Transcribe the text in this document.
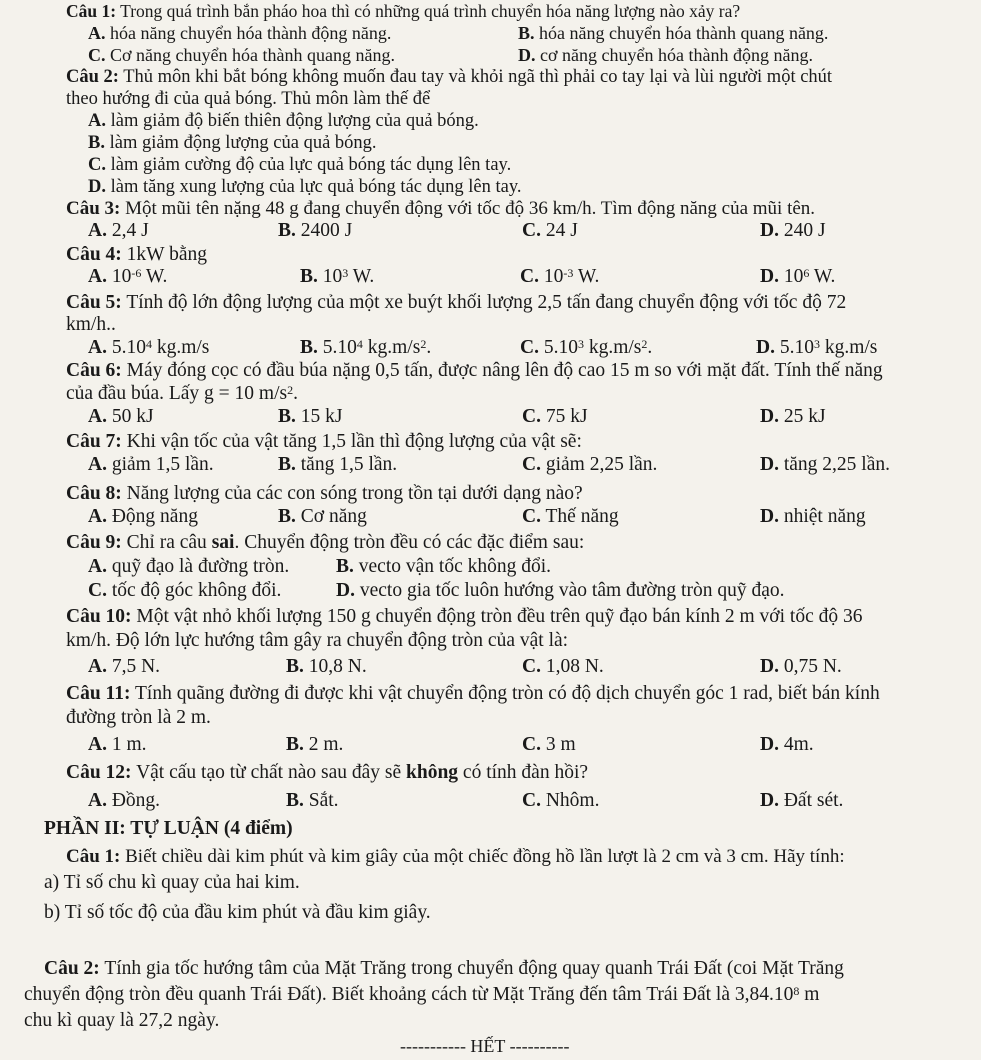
Câu 1: Trong quá trình bắn pháo hoa thì có những quá trình chuyển hóa năng lượng nào xảy ra?
A. hóa năng chuyển hóa thành động năng.	B. hóa năng chuyển hóa thành quang năng.
C. Cơ năng chuyển hóa thành quang năng.	D. cơ năng chuyển hóa thành động năng.
Câu 2: Thủ môn khi bắt bóng không muốn đau tay và khỏi ngã thì phải co tay lại và lùi người một chút
theo hướng đi của quả bóng. Thủ môn làm thế để
A. làm giảm độ biến thiên động lượng của quả bóng.
B. làm giảm động lượng của quả bóng.
C. làm giảm cường độ của lực quả bóng tác dụng lên tay.
D. làm tăng xung lượng của lực quả bóng tác dụng lên tay.
Câu 3: Một mũi tên nặng 48 g đang chuyển động với tốc độ 36 km/h. Tìm động năng của mũi tên.
A. 2,4 J	B. 2400 J	C. 24 J	D. 240 J
Câu 4: 1kW bằng
A. $10^{-6}$ W.	B. $10^3$ W.	C. $10^{-3}$ W.	D. $10^6$ W.
Câu 5: Tính độ lớn động lượng của một xe buýt khối lượng 2,5 tấn đang chuyển động với tốc độ 72
km/h..
A. 5.10$^4$ kg.m/s	B. 5.10$^4$ $kg.m/s^2$.	C. 5.10$^3$ $kg.m/s^2$.	D. 5.10$^3$ kg.m/s
Câu 6: Máy đóng cọc có đầu búa nặng 0,5 tấn, được nâng lên độ cao 15 m so với mặt đất. Tính thế năng
của đầu búa. Lấy g = 10 $m/s^2$.
A. 50 kJ	B. 15 kJ	C. 75 kJ	D. 25 kJ
Câu 7: Khi vận tốc của vật tăng 1,5 lần thì động lượng của vật sẽ:
A. giảm 1,5 lần.	B. tăng 1,5 lần.	C. giảm 2,25 lần.	D. tăng 2,25 lần.
Câu 8: Năng lượng của các con sóng trong tồn tại dưới dạng nào?
A. Động năng	B. Cơ năng	C. Thế năng	D. nhiệt năng
Câu 9: Chỉ ra câu sai. Chuyển động tròn đều có các đặc điểm sau:
A. quỹ đạo là đường tròn. B. vecto vận tốc không đổi.
C. tốc độ góc không đổi.	D. vecto gia tốc luôn hướng vào tâm đường tròn quỹ đạo.
Câu 10: Một vật nhỏ khối lượng 150 g chuyển động tròn đều trên quỹ đạo bán kính 2 m với tốc độ 36
km/h. Độ lớn lực hướng tâm gây ra chuyển động tròn của vật là:
A. 7,5 N.	B. 10,8 N.	C. 1,08 N.	D. 0,75 N.
Câu 11: Tính quãng đường đi được khi vật chuyển động tròn có độ dịch chuyển góc 1 rad, biết bán kính
đường tròn là 2 m.
A. 1 m.	B. 2 m.	C. 3 m	D. 4m.
Câu 12: Vật cấu tạo từ chất nào sau đây sẽ không có tính đàn hồi?
A. Đồng.	B. Sắt.	C. Nhôm.	D. Đất sét.
PHẦN II: TỰ LUẬN (4 điểm)
Câu 1: Biết chiều dài kim phút và kim giây của một chiếc đồng hồ lần lượt là 2 cm và 3 cm. Hãy tính:
a) Tỉ số chu kì quay của hai kim.
b) Tỉ số tốc độ của đầu kim phút và đầu kim giây.
Câu 2: Tính gia tốc hướng tâm của Mặt Trăng trong chuyển động quay quanh Trái Đất (coi Mặt Trăng
chuyển động tròn đều quanh Trái Đất). Biết khoảng cách từ Mặt Trăng đến tâm Trái Đất là 3,84.10$^8$ m
chu kì quay là 27,2 ngày.
----------- HẾT ----------
